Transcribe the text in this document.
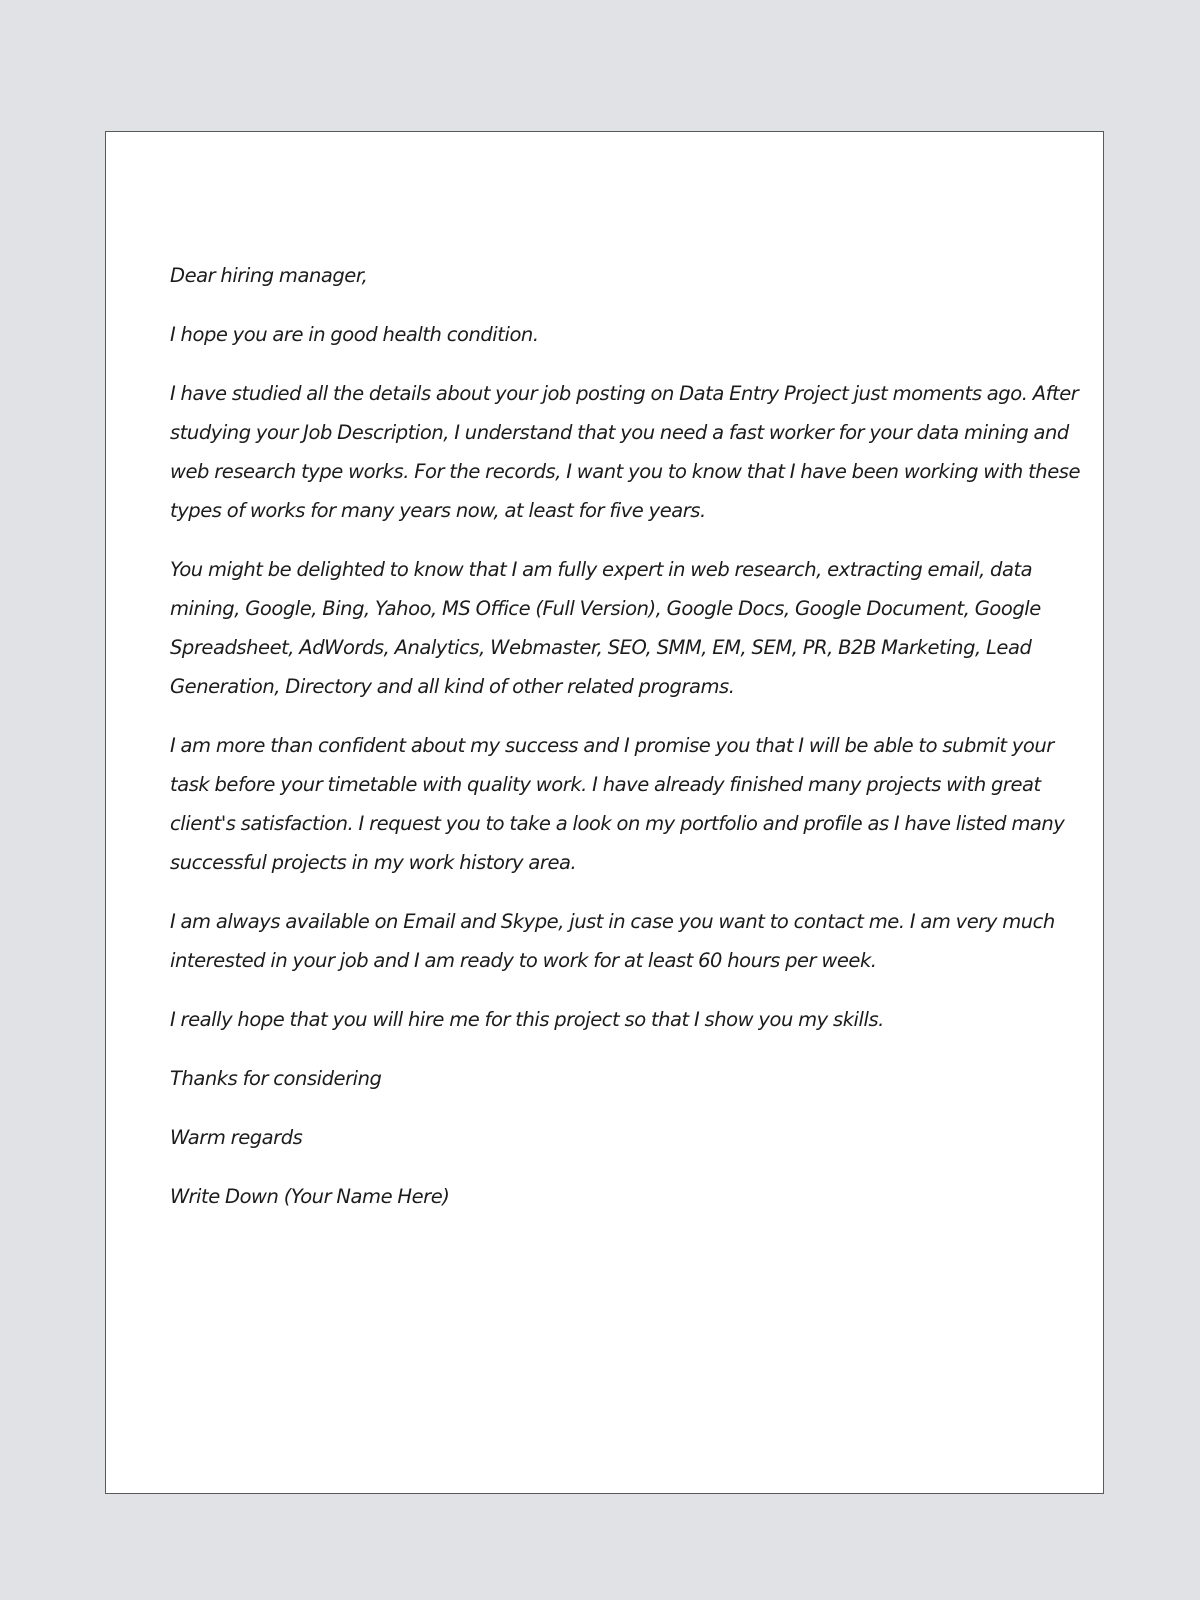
Dear hiring manager,

I hope you are in good health condition.

I have studied all the details about your job posting on Data Entry Project just moments ago. After studying your Job Description, I understand that you need a fast worker for your data mining and web research type works. For the records, I want you to know that I have been working with these types of works for many years now, at least for five years.

You might be delighted to know that I am fully expert in web research, extracting email, data mining, Google, Bing, Yahoo, MS Office (Full Version), Google Docs, Google Document, Google Spreadsheet, AdWords, Analytics, Webmaster, SEO, SMM, EM, SEM, PR, B2B Marketing, Lead Generation, Directory and all kind of other related programs.

I am more than confident about my success and I promise you that I will be able to submit your task before your timetable with quality work. I have already finished many projects with great client's satisfaction. I request you to take a look on my portfolio and profile as I have listed many successful projects in my work history area.

I am always available on Email and Skype, just in case you want to contact me. I am very much interested in your job and I am ready to work for at least 60 hours per week.

I really hope that you will hire me for this project so that I show you my skills.

Thanks for considering

Warm regards

Write Down (Your Name Here)
